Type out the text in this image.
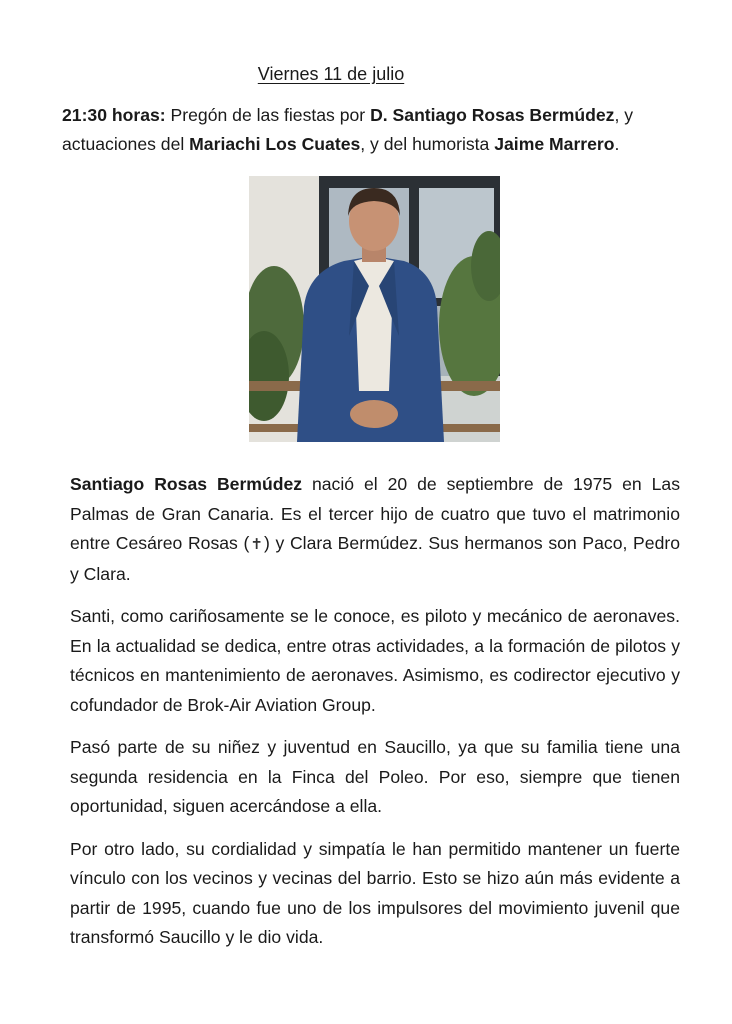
Viernes 11 de julio
21:30 horas: Pregón de las fiestas por D. Santiago Rosas Bermúdez, y actuaciones del Mariachi Los Cuates, y del humorista Jaime Marrero.

Santiago Rosas Bermúdez nació el 20 de septiembre de 1975 en Las Palmas de Gran Canaria. Es el tercer hijo de cuatro que tuvo el matrimonio entre Cesáreo Rosas (✝) y Clara Bermúdez. Sus hermanos son Paco, Pedro y Clara.

Santi, como cariñosamente se le conoce, es piloto y mecánico de aeronaves. En la actualidad se dedica, entre otras actividades, a la formación de pilotos y técnicos en mantenimiento de aeronaves. Asimismo, es codirector ejecutivo y cofundador de Brok-Air Aviation Group.

Pasó parte de su niñez y juventud en Saucillo, ya que su familia tiene una segunda residencia en la Finca del Poleo. Por eso, siempre que tienen oportunidad, siguen acercándose a ella.

Por otro lado, su cordialidad y simpatía le han permitido mantener un fuerte vínculo con los vecinos y vecinas del barrio. Esto se hizo aún más evidente a partir de 1995, cuando fue uno de los impulsores del movimiento juvenil que transformó Saucillo y le dio vida.
